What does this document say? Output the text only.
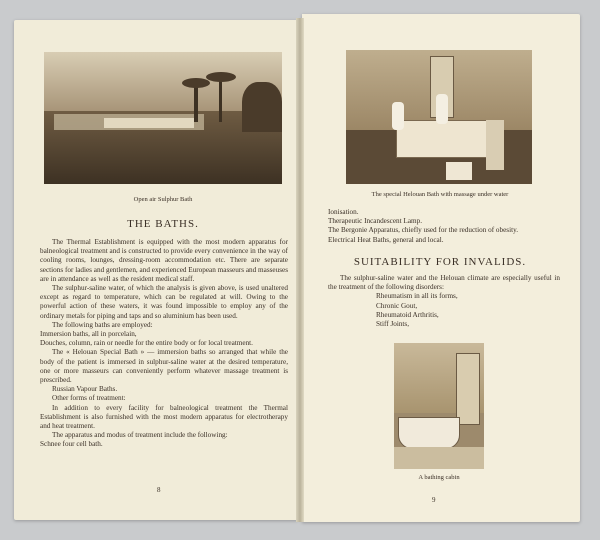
Open air Sulphur Bath
THE BATHS.

The Thermal Establishment is equipped with the most modern apparatus for balneological treatment and is constructed to provide every convenience in the way of cooling rooms, lounges, dressing-room accommodation etc. There are separate sections for ladies and gentlemen, and experienced European masseurs and masseuses are in attendance as well as the resident medical staff.

The sulphur-saline water, of which the analysis is given above, is used unaltered except as regard to temperature, which can be regulated at will. Owing to the powerful action of these waters, it was found impossible to employ any of the ordinary metals for piping and taps and so aluminium has been used.

The following baths are employed:

Immersion baths, all in porcelain,

Douches, column, rain or needle for the entire body or for local treatment.

The « Helouan Special Bath » — immersion baths so arranged that while the body of the patient is immersed in sulphur-saline water at the desired temperature, one or more masseurs can conveniently perform whatever massage treatment is prescribed.

Russian Vapour Baths.

Other forms of treatment:

In addition to every facility for balneological treatment the Thermal Establishment is also furnished with the most modern apparatus for electrotherapy and heat treatment.

The apparatus and modus of treatment include the following:

Schnee four cell bath.

8
The special Helouan Bath with massage under water

Ionisation.

Therapeutic Incandescent Lamp.

The Bergonie Apparatus, chiefly used for the reduction of obesity.

Electrical Heat Baths, general and local.

SUITABILITY FOR INVALIDS.

The sulphur-saline water and the Helouan climate are especially useful in the treatment of the following disorders:

Rheumatism in all its forms,

Chronic Gout,

Rheumatoid Arthritis,

Stiff Joints,

A bathing cabin
9
